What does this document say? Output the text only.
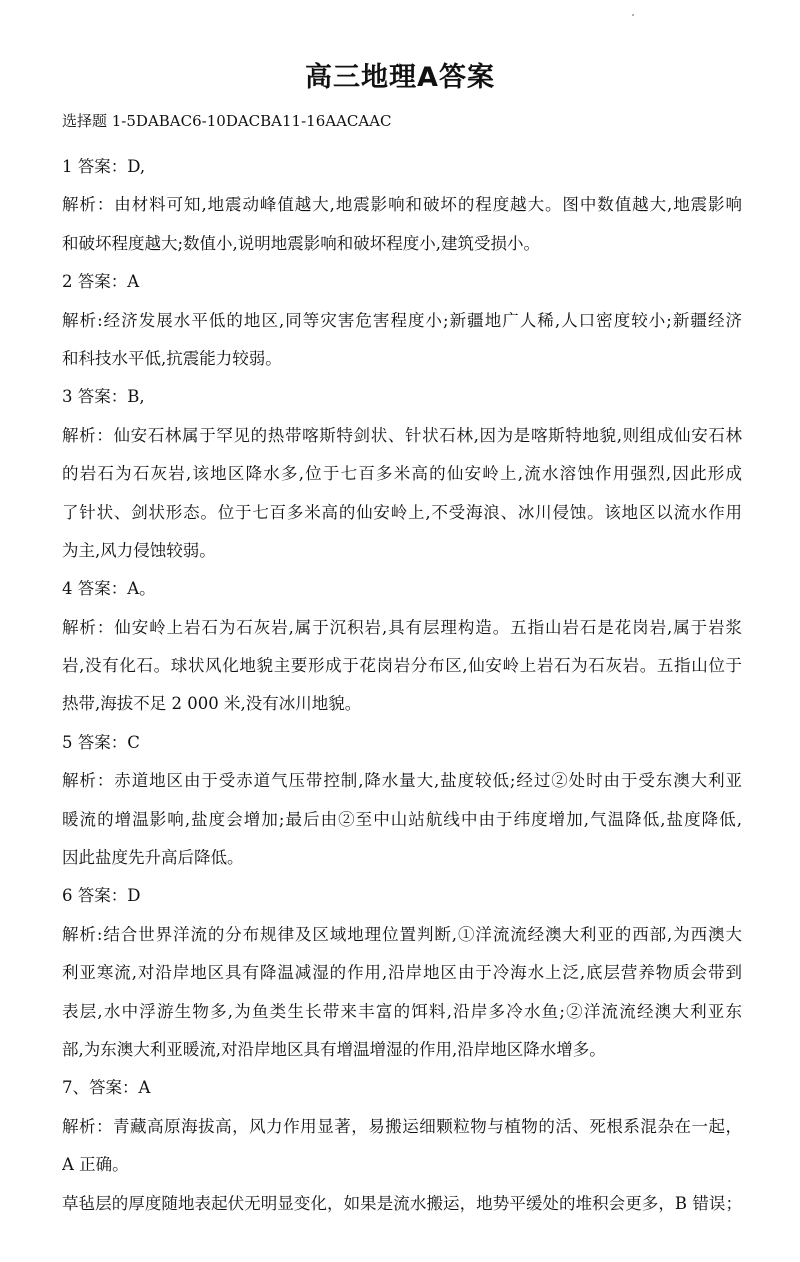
高三地理A答案
选择题 1-5DABAC6-10DACBA11-16AACAAC
1 答案：D,
解析：由材料可知,地震动峰值越大,地震影响和破坏的程度越大。图中数值越大,地震影响
和破坏程度越大;数值小,说明地震影响和破坏程度小,建筑受损小。
2 答案：A
解析:经济发展水平低的地区,同等灾害危害程度小;新疆地广人稀,人口密度较小;新疆经济
和科技水平低,抗震能力较弱。
3 答案：B,
解析：仙安石林属于罕见的热带喀斯特剑状、针状石林,因为是喀斯特地貌,则组成仙安石林
的岩石为石灰岩,该地区降水多,位于七百多米高的仙安岭上,流水溶蚀作用强烈,因此形成
了针状、剑状形态。位于七百多米高的仙安岭上,不受海浪、冰川侵蚀。该地区以流水作用
为主,风力侵蚀较弱。
4 答案：A。
解析：仙安岭上岩石为石灰岩,属于沉积岩,具有层理构造。五指山岩石是花岗岩,属于岩浆
岩,没有化石。球状风化地貌主要形成于花岗岩分布区,仙安岭上岩石为石灰岩。五指山位于
热带,海拔不足 2 000 米,没有冰川地貌。
5 答案：C
解析：赤道地区由于受赤道气压带控制,降水量大,盐度较低;经过②处时由于受东澳大利亚
暖流的增温影响,盐度会增加;最后由②至中山站航线中由于纬度增加,气温降低,盐度降低,
因此盐度先升高后降低。
6 答案：D
解析:结合世界洋流的分布规律及区域地理位置判断,①洋流流经澳大利亚的西部,为西澳大
利亚寒流,对沿岸地区具有降温减湿的作用,沿岸地区由于冷海水上泛,底层营养物质会带到
表层,水中浮游生物多,为鱼类生长带来丰富的饵料,沿岸多冷水鱼;②洋流流经澳大利亚东
部,为东澳大利亚暖流,对沿岸地区具有增温增湿的作用,沿岸地区降水增多。
7、答案：A
解析：青藏高原海拔高，风力作用显著，易搬运细颗粒物与植物的活、死根系混杂在一起，
A 正确。
草毡层的厚度随地表起伏无明显变化，如果是流水搬运，地势平缓处的堆积会更多，B 错误；
